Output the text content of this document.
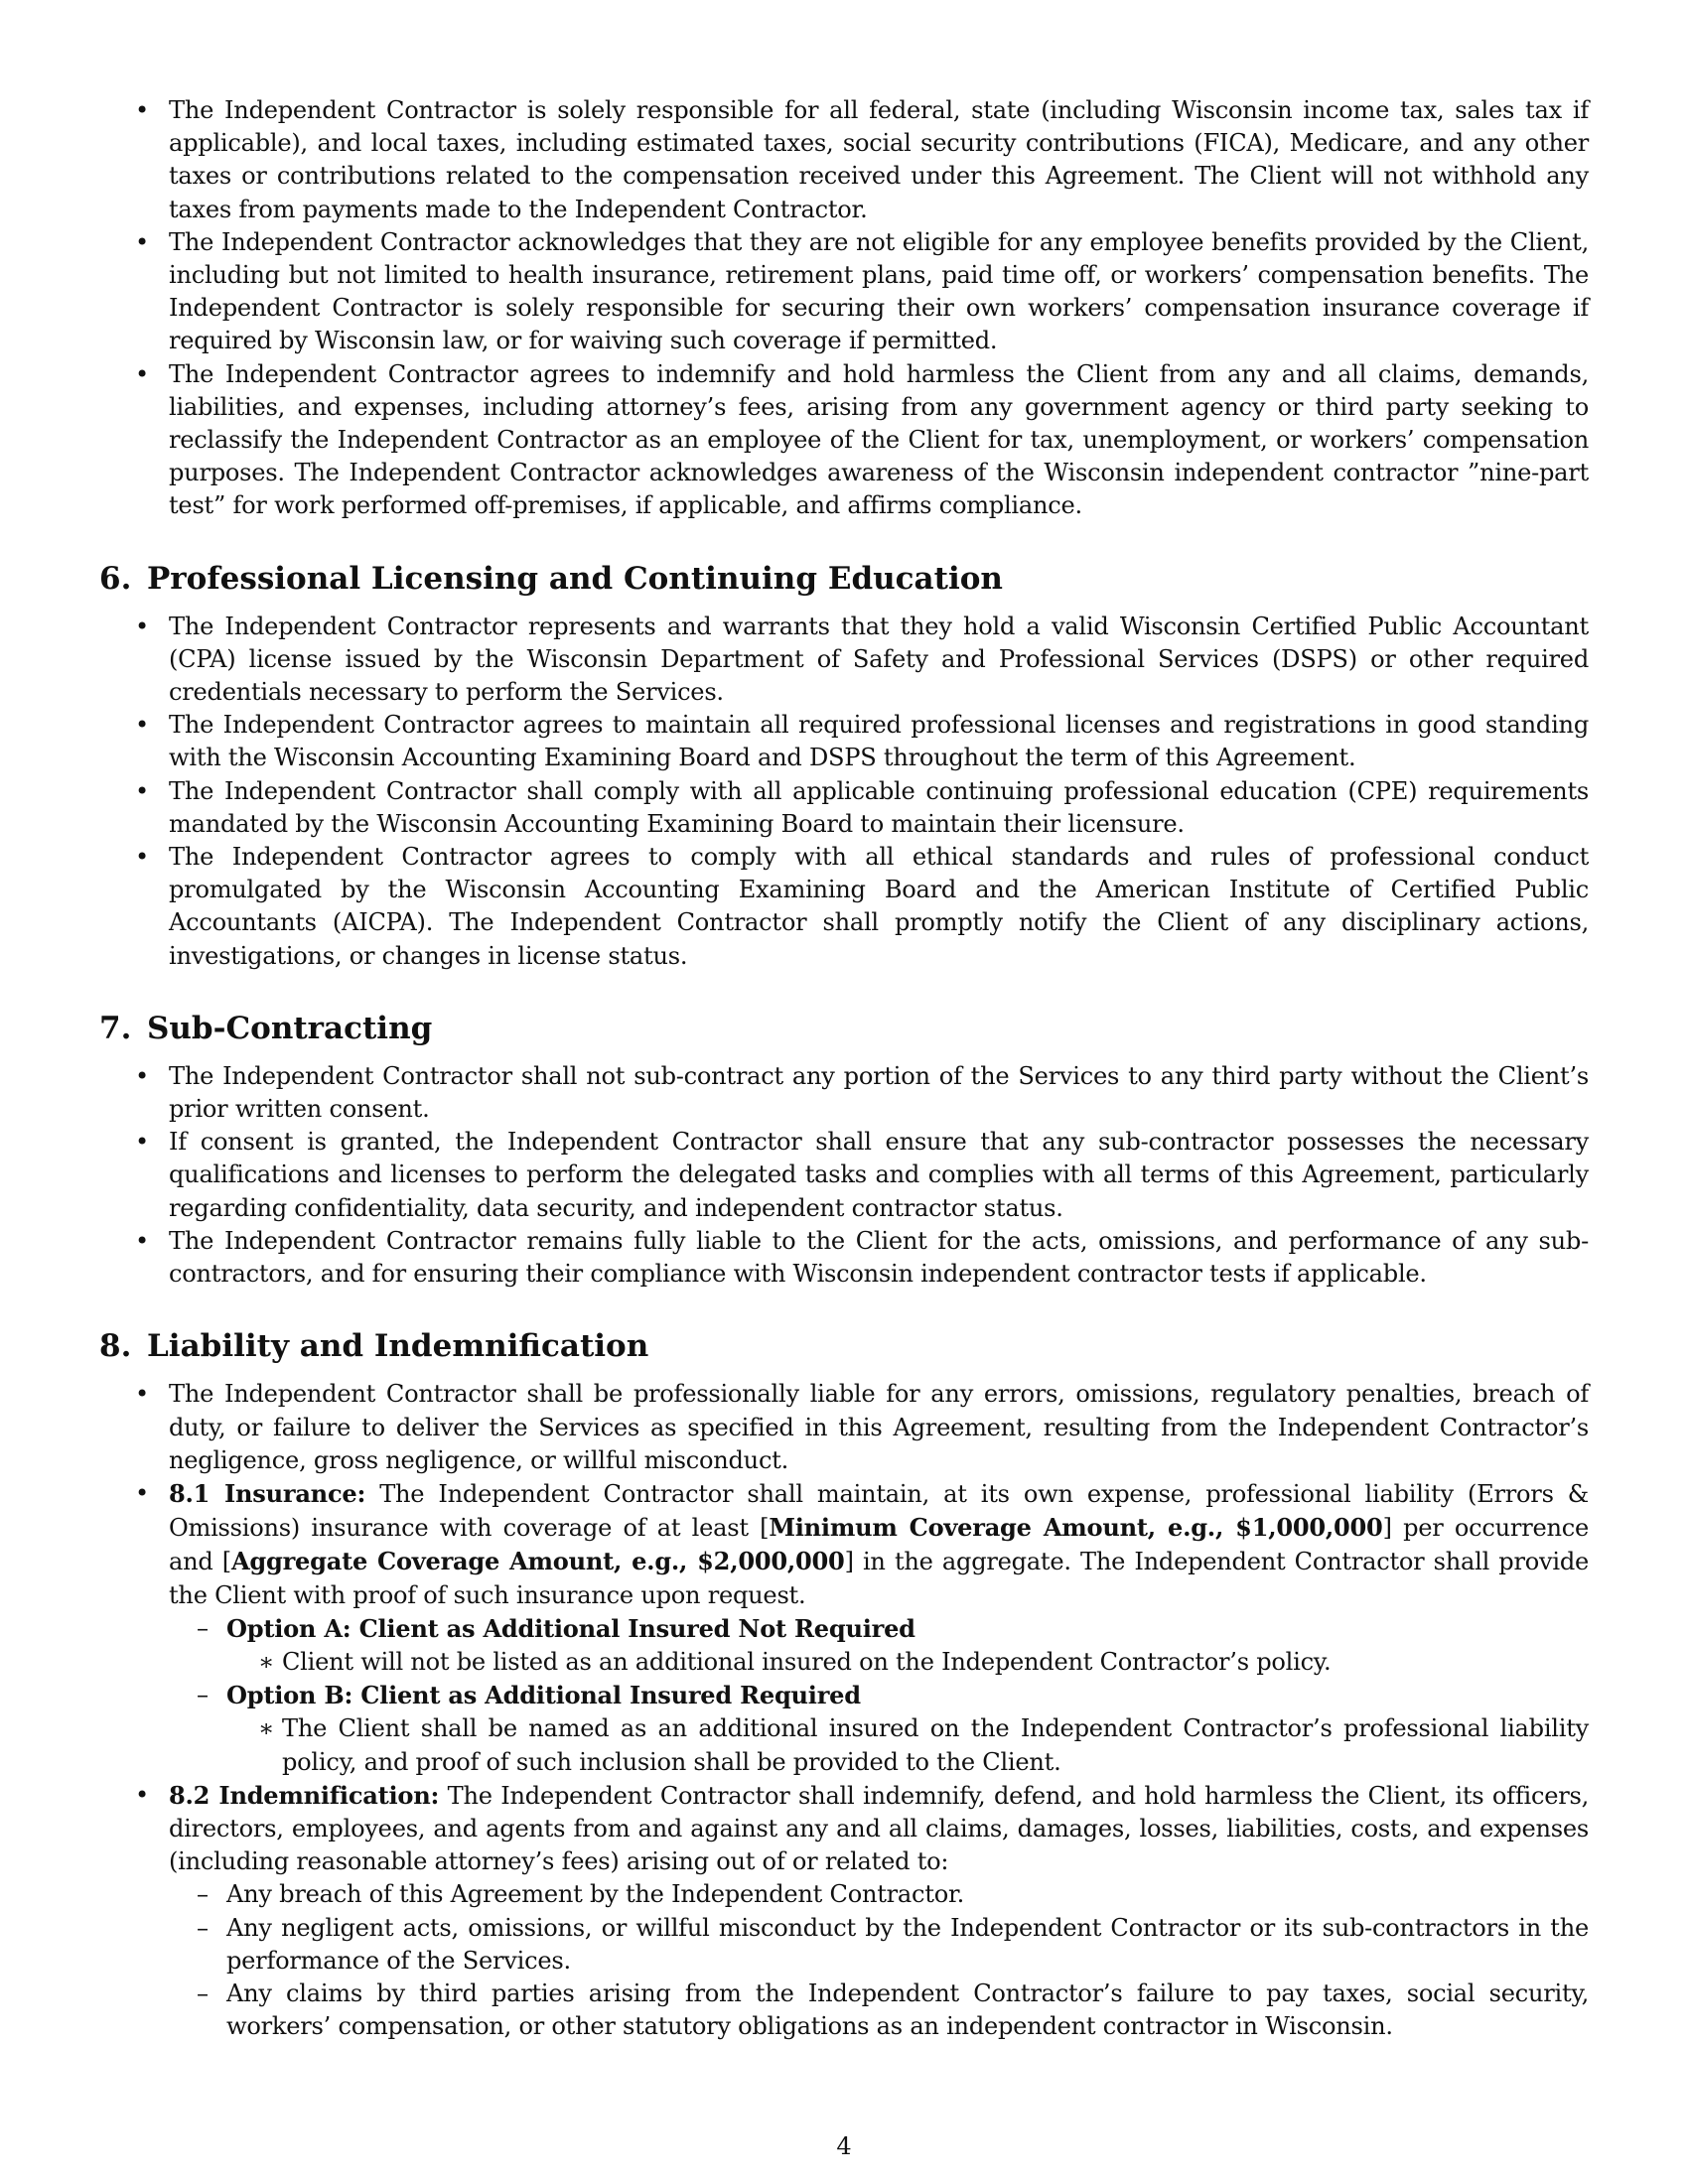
• The Independent Contractor is solely responsible for all federal, state (including Wisconsin income tax, sales tax if applicable), and local taxes, including estimated taxes, social security contributions (FICA), Medicare, and any other taxes or contributions related to the compensation received under this Agreement. The Client will not withhold any taxes from payments made to the Independent Contractor.

• The Independent Contractor acknowledges that they are not eligible for any employee benefits provided by the Client, including but not limited to health insurance, retirement plans, paid time off, or workers’ compensation benefits. The Independent Contractor is solely responsible for securing their own workers’ compensation insurance coverage if required by Wisconsin law, or for waiving such coverage if permitted.

• The Independent Contractor agrees to indemnify and hold harmless the Client from any and all claims, demands, liabilities, and expenses, including attorney’s fees, arising from any government agency or third party seeking to reclassify the Independent Contractor as an employee of the Client for tax, unemployment, or workers’ compensation purposes. The Independent Contractor acknowledges awareness of the Wisconsin independent contractor ”nine-part test” for work performed off-premises, if applicable, and affirms compliance.

6. Professional Licensing and Continuing Education

• The Independent Contractor represents and warrants that they hold a valid Wisconsin Certified Public Accountant (CPA) license issued by the Wisconsin Department of Safety and Professional Services (DSPS) or other required credentials necessary to perform the Services.

• The Independent Contractor agrees to maintain all required professional licenses and registrations in good standing with the Wisconsin Accounting Examining Board and DSPS throughout the term of this Agreement.

• The Independent Contractor shall comply with all applicable continuing professional education (CPE) requirements mandated by the Wisconsin Accounting Examining Board to maintain their licensure.

• The Independent Contractor agrees to comply with all ethical standards and rules of professional conduct promulgated by the Wisconsin Accounting Examining Board and the American Institute of Certified Public Accountants (AICPA). The Independent Contractor shall promptly notify the Client of any disciplinary actions, investigations, or changes in license status.

7. Sub-Contracting

• The Independent Contractor shall not sub-contract any portion of the Services to any third party without the Client’s prior written consent.

• If consent is granted, the Independent Contractor shall ensure that any sub-contractor possesses the necessary qualifications and licenses to perform the delegated tasks and complies with all terms of this Agreement, particularly regarding confidentiality, data security, and independent contractor status.

• The Independent Contractor remains fully liable to the Client for the acts, omissions, and performance of any sub-contractors, and for ensuring their compliance with Wisconsin independent contractor tests if applicable.

8. Liability and Indemnification

• The Independent Contractor shall be professionally liable for any errors, omissions, regulatory penalties, breach of duty, or failure to deliver the Services as specified in this Agreement, resulting from the Independent Contractor’s negligence, gross negligence, or willful misconduct.

• 8.1 Insurance: The Independent Contractor shall maintain, at its own expense, professional liability (Errors & Omissions) insurance with coverage of at least [Minimum Coverage Amount, e.g., $1,000,000] per occurrence and [Aggregate Coverage Amount, e.g., $2,000,000] in the aggregate. The Independent Contractor shall provide the Client with proof of such insurance upon request.

– Option A: Client as Additional Insured Not Required

∗ Client will not be listed as an additional insured on the Independent Contractor’s policy.

– Option B: Client as Additional Insured Required

∗ The Client shall be named as an additional insured on the Independent Contractor’s professional liability policy, and proof of such inclusion shall be provided to the Client.

• 8.2 Indemnification: The Independent Contractor shall indemnify, defend, and hold harmless the Client, its officers, directors, employees, and agents from and against any and all claims, damages, losses, liabilities, costs, and expenses (including reasonable attorney’s fees) arising out of or related to:

– Any breach of this Agreement by the Independent Contractor.

– Any negligent acts, omissions, or willful misconduct by the Independent Contractor or its sub-contractors in the performance of the Services.

– Any claims by third parties arising from the Independent Contractor’s failure to pay taxes, social security, workers’ compensation, or other statutory obligations as an independent contractor in Wisconsin.

4
